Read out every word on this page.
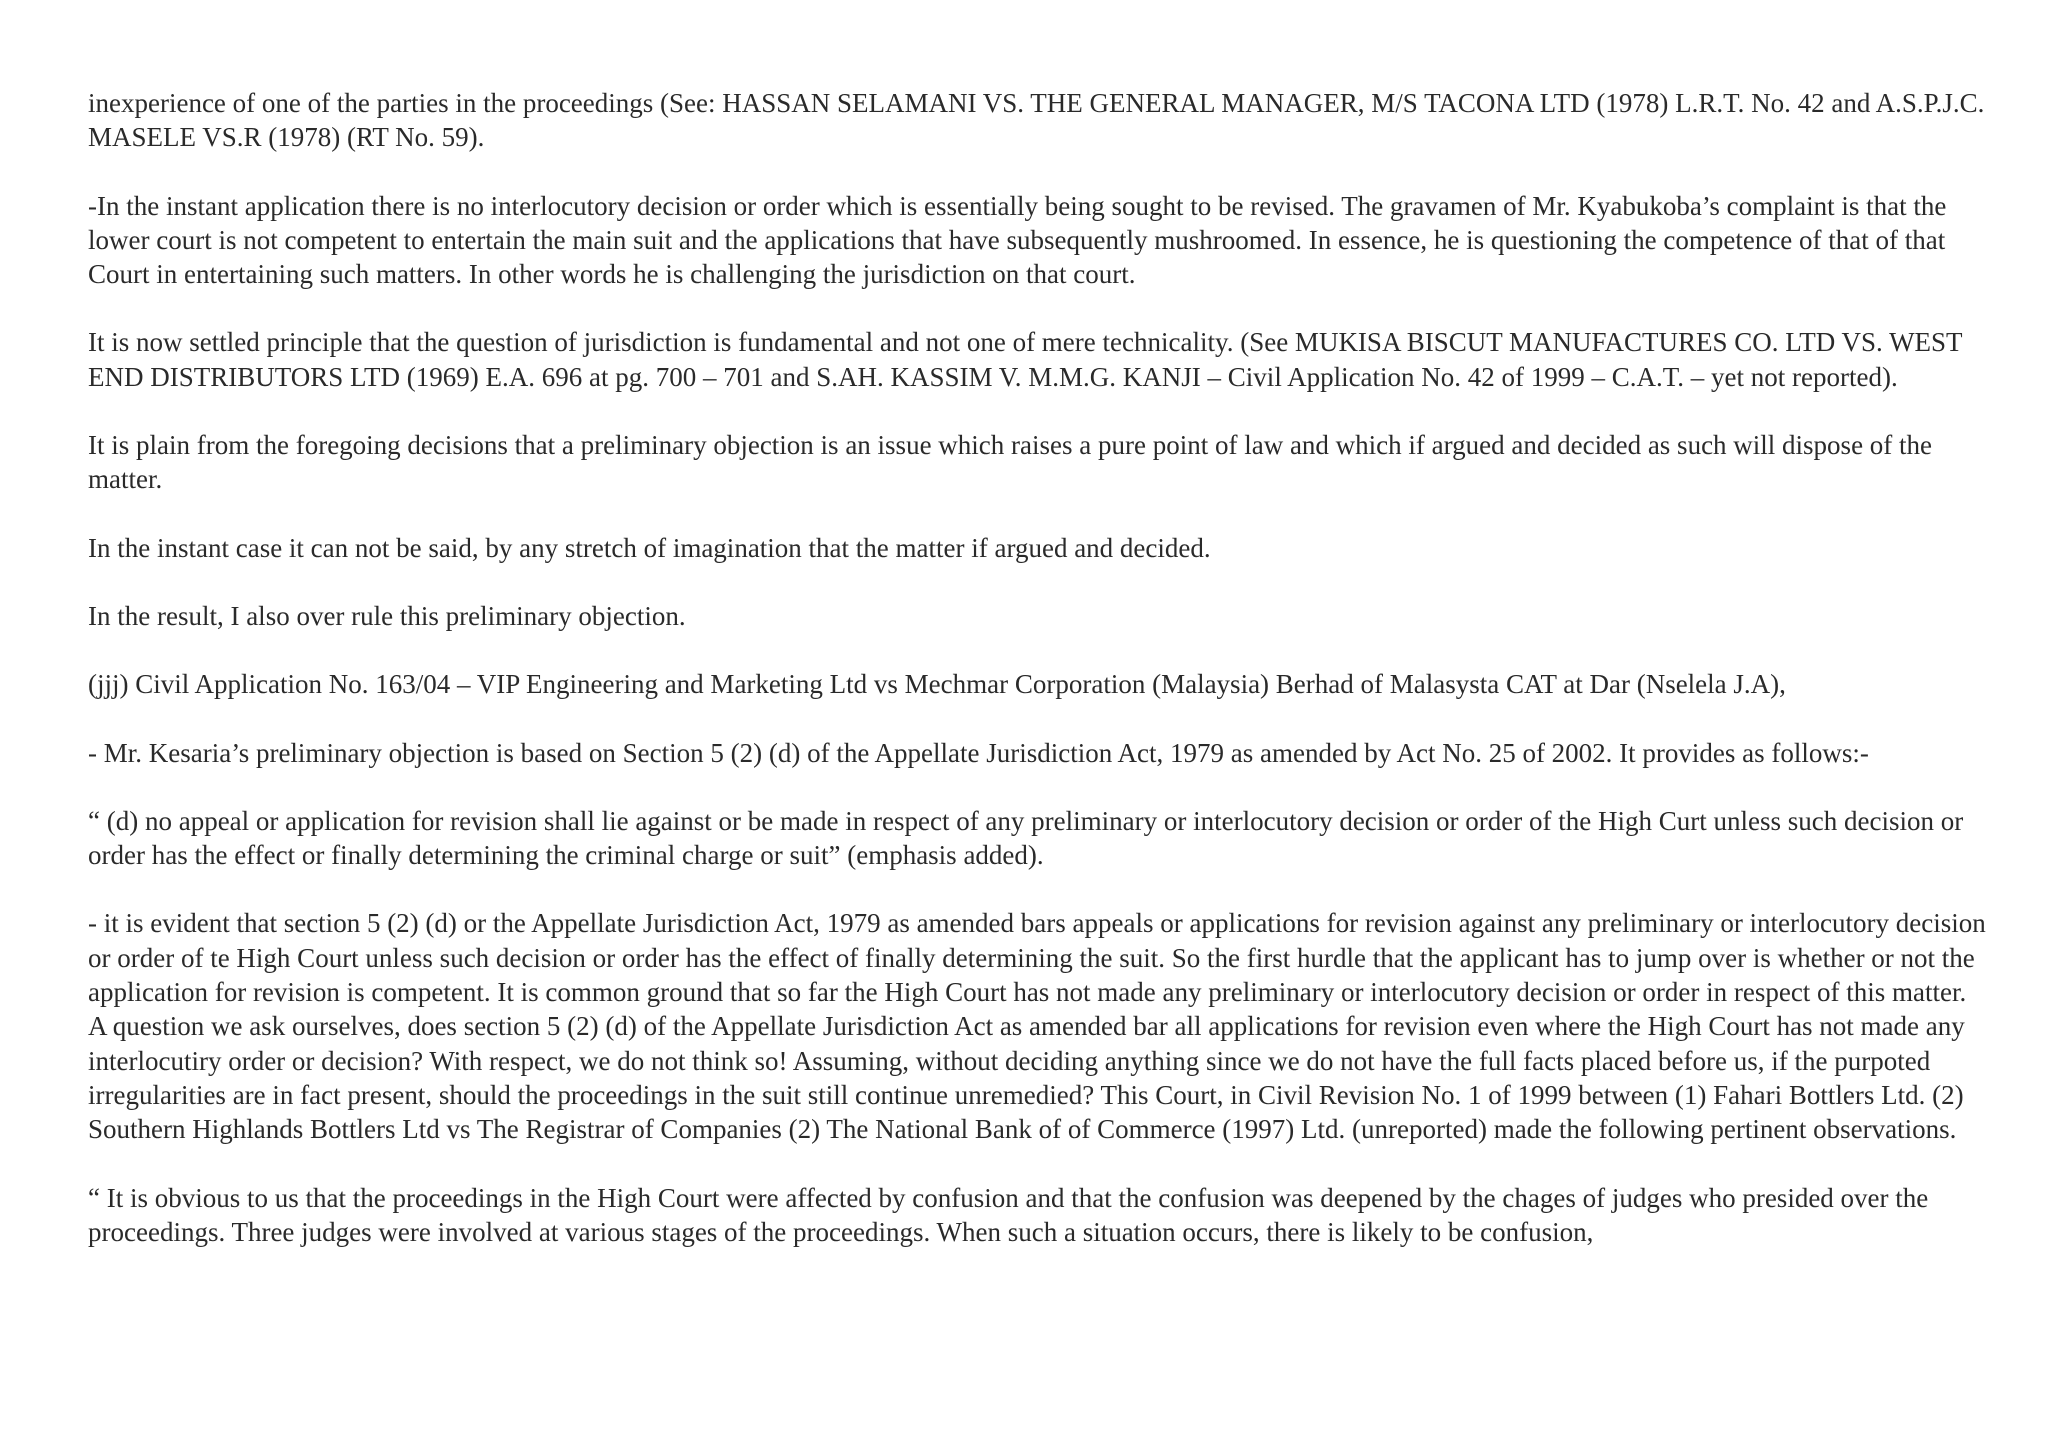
inexperience of one of the parties in the proceedings (See: HASSAN SELAMANI VS. THE GENERAL MANAGER, M/S TACONA LTD (1978) L.R.T. No. 42 and A.S.P.J.C. MASELE VS.R (1978) (RT No. 59).

-In the instant application there is no interlocutory decision or order which is essentially being sought to be revised. The gravamen of Mr. Kyabukoba’s complaint is that the lower court is not competent to entertain the main suit and the applications that have subsequently mushroomed. In essence, he is questioning the competence of that of that Court in entertaining such matters. In other words he is challenging the jurisdiction on that court.

It is now settled principle that the question of jurisdiction is fundamental and not one of mere technicality. (See MUKISA BISCUT MANUFACTURES CO. LTD VS. WEST END DISTRIBUTORS LTD (1969) E.A. 696 at pg. 700 – 701 and S.AH. KASSIM V. M.M.G. KANJI – Civil Application No. 42 of 1999 – C.A.T. – yet not reported).

It is plain from the foregoing decisions that a preliminary objection is an issue which raises a pure point of law and which if argued and decided as such will dispose of the matter.

In the instant case it can not be said, by any stretch of imagination that the matter if argued and decided.

In the result, I also over rule this preliminary objection.

(jjj) Civil Application No. 163/04 – VIP Engineering and Marketing Ltd vs Mechmar Corporation (Malaysia) Berhad of Malasysta CAT at Dar (Nselela J.A),

- Mr. Kesaria’s preliminary objection is based on Section 5 (2) (d) of the Appellate Jurisdiction Act, 1979 as amended by Act No. 25 of 2002. It provides as follows:-

“ (d) no appeal or application for revision shall lie against or be made in respect of any preliminary or interlocutory decision or order of the High Curt unless such decision or order has the effect or finally determining the criminal charge or suit” (emphasis added).

- it is evident that section 5 (2) (d) or the Appellate Jurisdiction Act, 1979 as amended bars appeals or applications for revision against any preliminary or interlocutory decision or order of te High Court unless such decision or order has the effect of finally determining the suit. So the first hurdle that the applicant has to jump over is whether or not the application for revision is competent. It is common ground that so far the High Court has not made any preliminary or interlocutory decision or order in respect of this matter. A question we ask ourselves, does section 5 (2) (d) of the Appellate Jurisdiction Act as amended bar all applications for revision even where the High Court has not made any interlocutiry order or decision? With respect, we do not think so! Assuming, without deciding anything since we do not have the full facts placed before us, if the purpoted irregularities are in fact present, should the proceedings in the suit still continue unremedied? This Court, in Civil Revision No. 1 of 1999 between (1) Fahari Bottlers Ltd. (2) Southern Highlands Bottlers Ltd vs The Registrar of Companies (2) The National Bank of of Commerce (1997) Ltd. (unreported) made the following pertinent observations.

“ It is obvious to us that the proceedings in the High Court were affected by confusion and that the confusion was deepened by the chages of judges who presided over the proceedings. Three judges were involved at various stages of the proceedings. When such a situation occurs, there is likely to be confusion,
